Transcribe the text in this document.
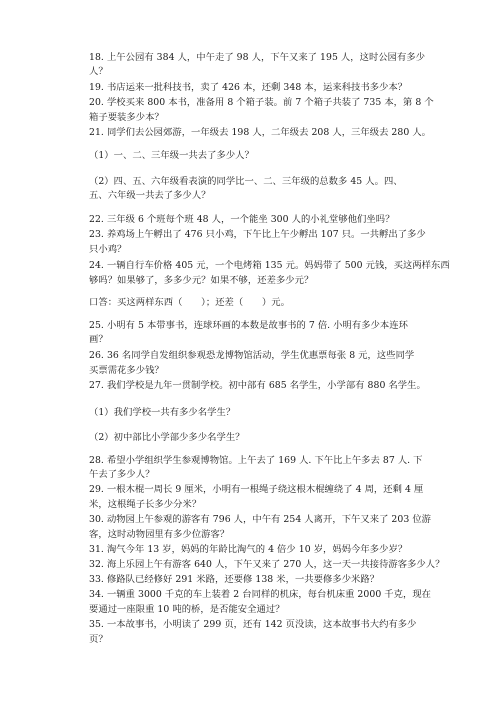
18. 上午公园有 384 人，中午走了 98 人，下午又来了 195 人，这时公园有多少

人？

19. 书店运来一批科技书，卖了 426 本，还剩 348 本，运来科技书多少本？

20. 学校买来 800 本书，准备用 8 个箱子装。前 7 个箱子共装了 735 本，第 8 个

箱子要装多少本？

21. 同学们去公园郊游，一年级去 198 人，二年级去 208 人，三年级去 280 人。

（1）一、二、三年级一共去了多少人？

（2）四、五、六年级看表演的同学比一、二、三年级的总数多 45 人。四、

五、六年级一共去了多少人？

22. 三年级 6 个班每个班 48 人，一个能坐 300 人的小礼堂够他们坐吗？

23. 养鸡场上午孵出了 476 只小鸡，下午比上午少孵出 107 只。一共孵出了多少

只小鸡？

24. 一辆自行车价格 405 元，一个电烤箱 135 元。妈妈带了 500 元钱，买这两样东西

够吗？如果够了，多多少元？如果不够，还差多少元？

口答：买这两样东西（　　）；还差（　　）元。

25. 小明有 5 本带事书，连球环画的本数是故事书的 7 倍. 小明有多少本连环

画？

26. 36 名同学自发组织参观恐龙博物馆活动，学生优惠票每张 8 元，这些同学

买票需花多少钱？

27. 我们学校是九年一贯制学校。初中部有 685 名学生，小学部有 880 名学生。

（1）我们学校一共有多少名学生？

（2）初中部比小学部少多少名学生？

28. 希望小学组织学生参观博物馆。上午去了 169 人. 下午比上午多去 87 人. 下

午去了多少人？

29. 一根木棍一周长 9 厘米，小明有一根绳子绕这根木棍缠绕了 4 周，还剩 4 厘

米，这根绳子长多少分米？

30. 动物园上午参观的游客有 796 人，中午有 254 人离开，下午又来了 203 位游

客，这时动物园里有多少位游客？

31. 淘气今年 13 岁，妈妈的年龄比淘气的 4 倍少 10 岁，妈妈今年多少岁？

32. 海上乐园上午有游客 640 人，下午又来了 270 人，这一天一共接待游客多少人？

33. 修路队已经修好 291 米路，还要修 138 米，一共要修多少米路？

34. 一辆重 3000 千克的车上装着 2 台同样的机床，每台机床重 2000 千克，现在

要通过一座限重 10 吨的桥，是否能安全通过？

35. 一本故事书，小明读了 299 页，还有 142 页没读，这本故事书大约有多少

页？
